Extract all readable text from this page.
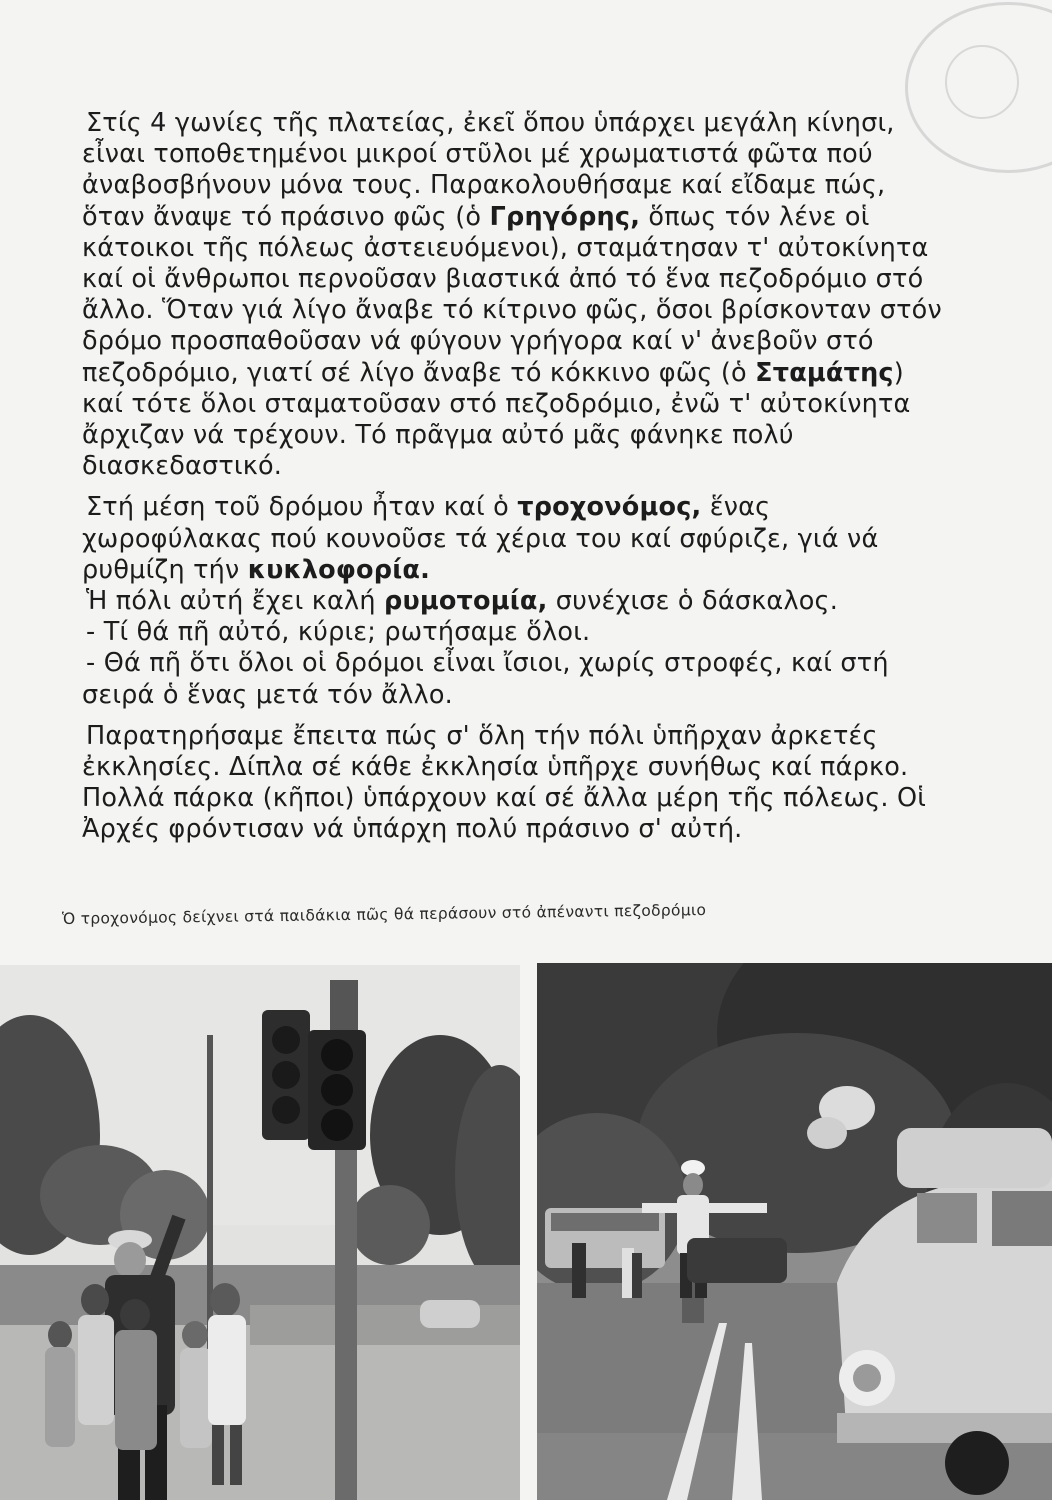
Στίς 4 γωνίες τῆς πλατείας, ἐκεῖ ὅπου ὑπάρχει μεγάλη κίνησι, εἶναι τοποθετημένοι μικροί στῦλοι μέ χρωματιστά φῶτα πού ἀναβοσβήνουν μόνα τους. Παρακολουθήσαμε καί εἴδαμε πώς, ὅταν ἄναψε τό πράσινο φῶς (ὁ Γρηγόρης, ὅπως τόν λένε οἱ κάτοικοι τῆς πόλεως ἀστειευόμενοι), σταμάτησαν τ' αὐτοκίνητα καί οἱ ἄνθρωποι περνοῦσαν βιαστικά ἀπό τό ἕνα πεζοδρόμιο στό ἄλλο. Ὅταν γιά λίγο ἄναβε τό κίτρινο φῶς, ὅσοι βρίσκονταν στόν δρόμο προσπαθοῦσαν νά φύγουν γρήγορα καί ν' ἀνεβοῦν στό πεζοδρόμιο, γιατί σέ λίγο ἄναβε τό κόκκινο φῶς (ὁ Σταμάτης) καί τότε ὅλοι σταματοῦσαν στό πεζοδρόμιο, ἐνῶ τ' αὐτοκίνητα ἄρχιζαν νά τρέχουν. Τό πρᾶγμα αὐτό μᾶς φάνηκε πολύ διασκεδαστικό.

Στή μέση τοῦ δρόμου ἦταν καί ὁ τροχονόμος, ἕνας χωροφύλακας πού κουνοῦσε τά χέρια του καί σφύριζε, γιά νά ρυθμίζη τήν κυκλοφορία.

Ἡ πόλι αὐτή ἔχει καλή ρυμοτομία, συνέχισε ὁ δάσκαλος.

- Τί θά πῆ αὐτό, κύριε; ρωτήσαμε ὅλοι.

- Θά πῆ ὅτι ὅλοι οἱ δρόμοι εἶναι ἴσιοι, χωρίς στροφές, καί στή σειρά ὁ ἕνας μετά τόν ἄλλο.

Παρατηρήσαμε ἔπειτα πώς σ' ὅλη τήν πόλι ὑπῆρχαν ἀρκετές ἐκκλησίες. Δίπλα σέ κάθε ἐκκλησία ὑπῆρχε συνήθως καί πάρκο. Πολλά πάρκα (κῆποι) ὑπάρχουν καί σέ ἄλλα μέρη τῆς πόλεως. Οἱ Ἀρχές φρόντισαν νά ὑπάρχη πολύ πράσινο σ' αὐτή.

Ὁ τροχονόμος δείχνει στά παιδάκια πῶς θά περάσουν στό ἀπέναντι πεζοδρόμιο
